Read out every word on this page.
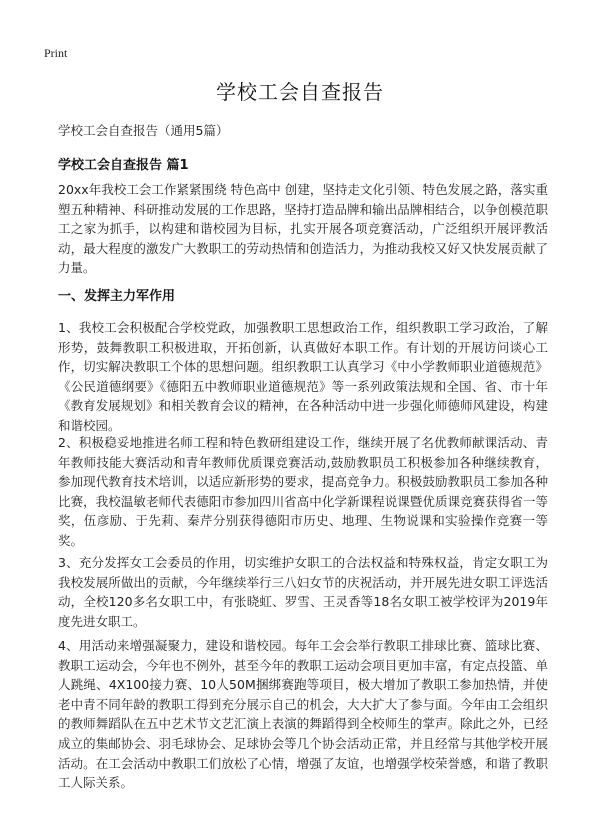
Print
学校工会自查报告
学校工会自查报告（通用5篇）
学校工会自查报告 篇1

20xx年我校工会工作紧紧围绕 特色高中 创建，坚持走文化引领、特色发展之路，落实重塑五种精神、科研推动发展的工作思路，坚持打造品牌和输出品牌相结合，以争创模范职工之家为抓手，以构建和谐校园为目标，扎实开展各项竞赛活动，广泛组织开展评教活动，最大程度的激发广大教职工的劳动热情和创造活力，为推动我校又好又快发展贡献了力量。

一、发挥主力军作用

1、我校工会积极配合学校党政，加强教职工思想政治工作，组织教职工学习政治，了解形势，鼓舞教职工积极进取，开拓创新，认真做好本职工作。有计划的开展访问谈心工作，切实解决教职工个体的思想问题。组织教职工认真学习《中小学教师职业道德规范》《公民道德纲要》《德阳五中教师职业道德规范》等一系列政策法规和全国、省、市十年《教育发展规划》和相关教育会议的精神，在各种活动中进一步强化师德师风建设，构建和谐校园。

2、积极稳妥地推进名师工程和特色教研组建设工作，继续开展了名优教师献课活动、青年教师技能大赛活动和青年教师优质课竞赛活动,鼓励教职员工积极参加各种继续教育，参加现代教育技术培训，以适应新形势的要求，提高竞争力。积极鼓励教职员工参加各种比赛，我校温敏老师代表德阳市参加四川省高中化学新课程说课暨优质课竞赛获得省一等奖，伍彦励、于先莉、秦芹分别获得德阳市历史、地理、生物说课和实验操作竞赛一等奖。

3、充分发挥女工会委员的作用，切实维护女职工的合法权益和特殊权益，肯定女职工为我校发展所做出的贡献，今年继续举行三八妇女节的庆祝活动，并开展先进女职工评选活动，全校120多名女职工中，有张晓虹、罗雪、王灵香等18名女职工被学校评为2019年度先进女职工。

4、用活动来增强凝聚力，建设和谐校园。每年工会会举行教职工排球比赛、篮球比赛、教职工运动会，今年也不例外，甚至今年的教职工运动会项目更加丰富，有定点投篮、单人跳绳、4X100接力赛、10人50M捆绑赛跑等项目，极大增加了教职工参加热情，并使老中青不同年龄的教职工得到充分展示自己的机会，大大扩大了参与面。今年由工会组织的教师舞蹈队在五中艺术节文艺汇演上表演的舞蹈得到全校师生的掌声。除此之外，已经成立的集邮协会、羽毛球协会、足球协会等几个协会活动正常，并且经常与其他学校开展活动。在工会活动中教职工们放松了心情，增强了友谊，也增强学校荣誉感，和谐了教职工人际关系。
